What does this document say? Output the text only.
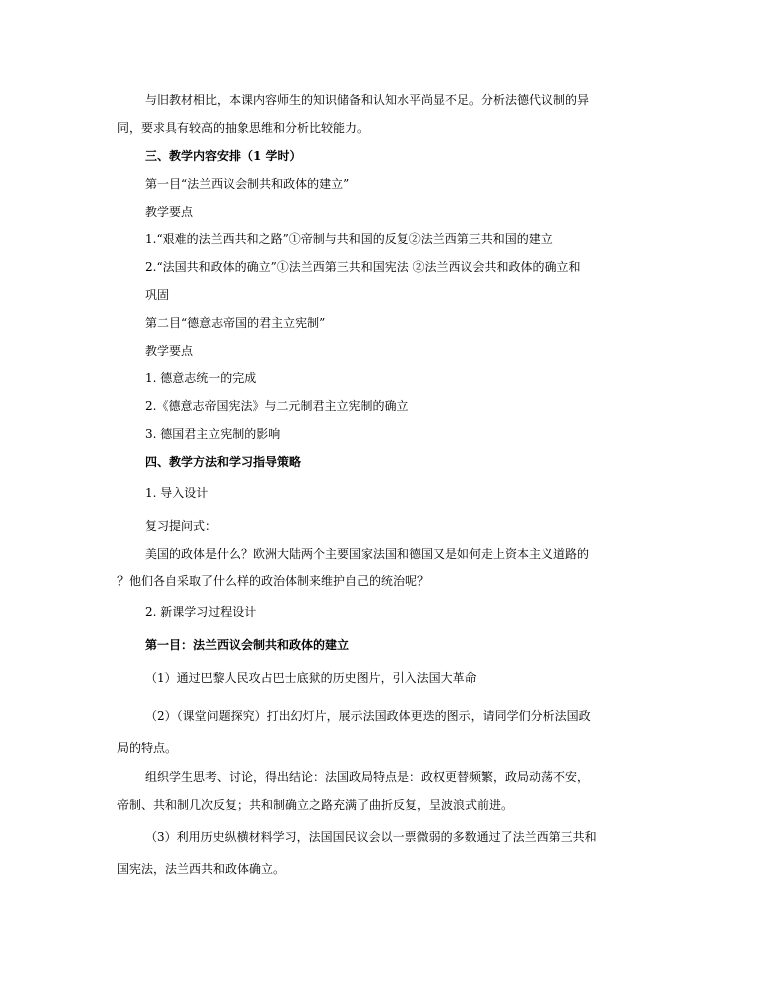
与旧教材相比，本课内容师生的知识储备和认知水平尚显不足。分析法德代议制的异
同，要求具有较高的抽象思维和分析比较能力。
三、教学内容安排（1 学时）
第一目“法兰西议会制共和政体的建立”
教学要点
1.“艰难的法兰西共和之路”①帝制与共和国的反复②法兰西第三共和国的建立
2.“法国共和政体的确立”①法兰西第三共和国宪法 ②法兰西议会共和政体的确立和
巩固
第二目“德意志帝国的君主立宪制”
教学要点
1. 德意志统一的完成
2.《德意志帝国宪法》与二元制君主立宪制的确立
3. 德国君主立宪制的影响
四、教学方法和学习指导策略
1. 导入设计
复习提问式：
美国的政体是什么？欧洲大陆两个主要国家法国和德国又是如何走上资本主义道路的
？他们各自采取了什么样的政治体制来维护自己的统治呢？
2. 新课学习过程设计
第一目：法兰西议会制共和政体的建立
（1）通过巴黎人民攻占巴士底狱的历史图片，引入法国大革命
（2）（课堂问题探究）打出幻灯片，展示法国政体更迭的图示，请同学们分析法国政
局的特点。
组织学生思考、讨论，得出结论：法国政局特点是：政权更替频繁，政局动荡不安，
帝制、共和制几次反复；共和制确立之路充满了曲折反复，呈波浪式前进。
（3）利用历史纵横材料学习，法国国民议会以一票微弱的多数通过了法兰西第三共和
国宪法，法兰西共和政体确立。
